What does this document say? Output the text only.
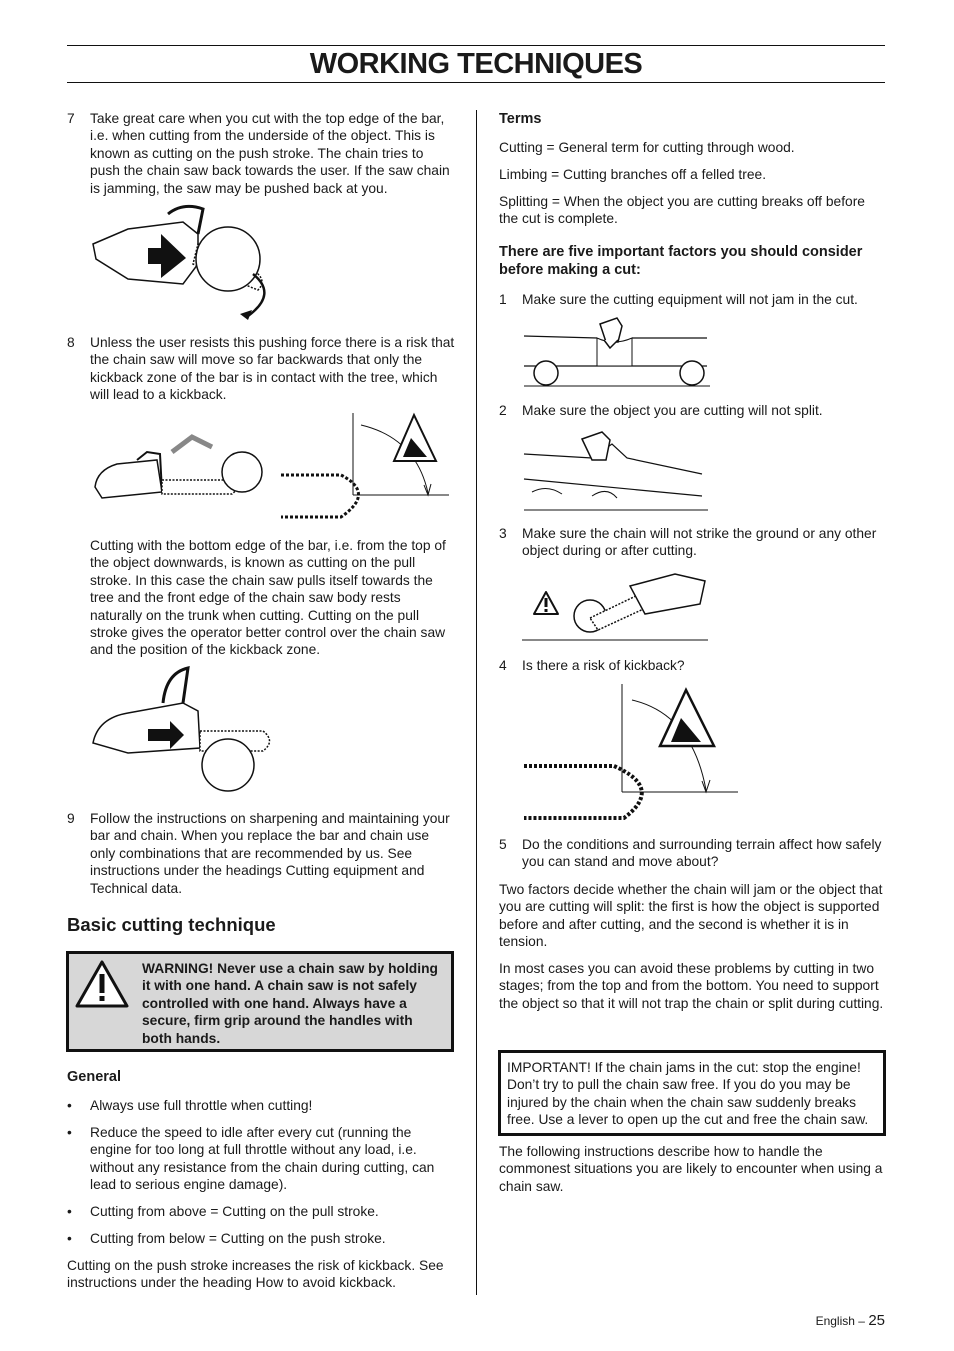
WORKING TECHNIQUES
7 Take great care when you cut with the top edge of the bar, i.e. when cutting from the underside of the object. This is known as cutting on the push stroke. The chain tries to push the chain saw back towards the user. If the saw chain is jamming, the saw may be pushed back at you.
8 Unless the user resists this pushing force there is a risk that the chain saw will move so far backwards that only the kickback zone of the bar is in contact with the tree, which will lead to a kickback.
Cutting with the bottom edge of the bar, i.e. from the top of the object downwards, is known as cutting on the pull stroke. In this case the chain saw pulls itself towards the tree and the front edge of the chain saw body rests naturally on the trunk when cutting. Cutting on the pull stroke gives the operator better control over the chain saw and the position of the kickback zone.
9 Follow the instructions on sharpening and maintaining your bar and chain. When you replace the bar and chain use only combinations that are recommended by us. See instructions under the headings Cutting equipment and Technical data.
Basic cutting technique
WARNING! Never use a chain saw by holding it with one hand. A chain saw is not safely controlled with one hand. Always have a secure, firm grip around the handles with both hands.
General
• Always use full throttle when cutting!
• Reduce the speed to idle after every cut (running the engine for too long at full throttle without any load, i.e. without any resistance from the chain during cutting, can lead to serious engine damage).
• Cutting from above = Cutting on the pull stroke.
• Cutting from below = Cutting on the push stroke.
Cutting on the push stroke increases the risk of kickback. See instructions under the heading How to avoid kickback.
Terms
Cutting = General term for cutting through wood.
Limbing = Cutting branches off a felled tree.
Splitting = When the object you are cutting breaks off before the cut is complete.
There are five important factors you should consider before making a cut:
1 Make sure the cutting equipment will not jam in the cut.
2 Make sure the object you are cutting will not split.
3 Make sure the chain will not strike the ground or any other object during or after cutting.
4 Is there a risk of kickback?
5 Do the conditions and surrounding terrain affect how safely you can stand and move about?
Two factors decide whether the chain will jam or the object that you are cutting will split: the first is how the object is supported before and after cutting, and the second is whether it is in tension.
In most cases you can avoid these problems by cutting in two stages; from the top and from the bottom. You need to support the object so that it will not trap the chain or split during cutting.
IMPORTANT! If the chain jams in the cut: stop the engine! Don’t try to pull the chain saw free. If you do you may be injured by the chain when the chain saw suddenly breaks free. Use a lever to open up the cut and free the chain saw.
The following instructions describe how to handle the commonest situations you are likely to encounter when using a chain saw.
English – 25
